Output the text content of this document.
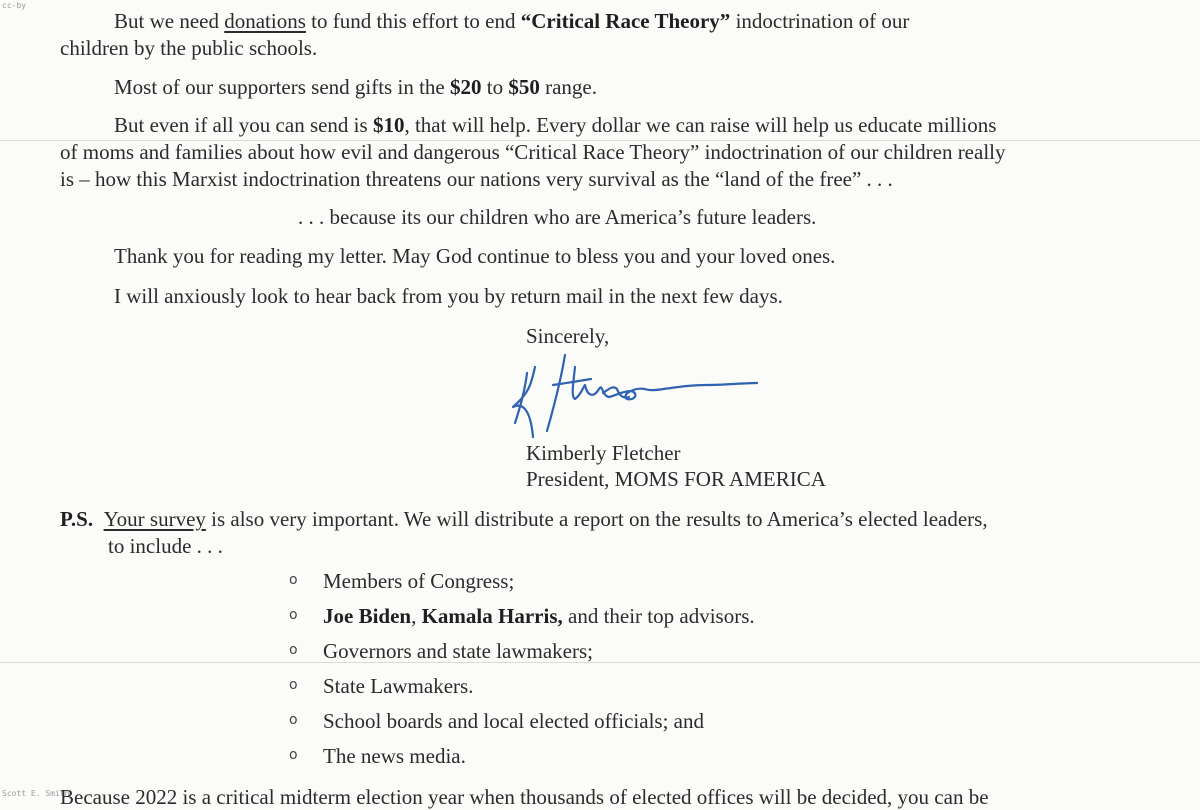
cc-by
Scott E. Smith
But we need donations to fund this effort to end “Critical Race Theory” indoctrination of our
children by the public schools.
Most of our supporters send gifts in the $20 to $50 range.
But even if all you can send is $10, that will help. Every dollar we can raise will help us educate millions
of moms and families about how evil and dangerous “Critical Race Theory” indoctrination of our children really
is – how this Marxist indoctrination threatens our nations very survival as the “land of the free” . . .
. . . because its our children who are America’s future leaders.
Thank you for reading my letter. May God continue to bless you and your loved ones.
I will anxiously look to hear back from you by return mail in the next few days.
Sincerely,
Kimberly Fletcher
President, MOMS FOR AMERICA
P.S. Your survey is also very important. We will distribute a report on the results to America’s elected leaders,
to include . . .
o Members of Congress;
o Joe Biden, Kamala Harris, and their top advisors.
o Governors and state lawmakers;
o State Lawmakers.
o School boards and local elected officials; and
o The news media.
Because 2022 is a critical midterm election year when thousands of elected offices will be decided, you can be
